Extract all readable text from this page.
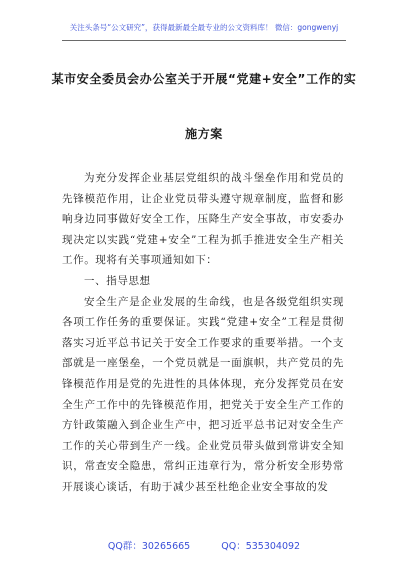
关注头条号“公文研究”，获得最新最全最专业的公文资料库！ 微信：gongwenyj
某市安全委员会办公室关于开展“党建+安全”工作的实
施方案

为充分发挥企业基层党组织的战斗堡垒作用和党员的先锋模范作用，让企业党员带头遵守规章制度，监督和影响身边同事做好安全工作，压降生产安全事故，市安委办现决定以实践“党建+安全”工程为抓手推进安全生产相关工作。现将有关事项通知如下：

一、指导思想

安全生产是企业发展的生命线，也是各级党组织实现各项工作任务的重要保证。实践“党建+安全”工程是贯彻落实习近平总书记关于安全工作要求的重要举措。一个支部就是一座堡垒，一个党员就是一面旗帜，共产党员的先锋模范作用是党的先进性的具体体现，充分发挥党员在安全生产工作中的先锋模范作用，把党关于安全生产工作的方针政策融入到企业生产中，把习近平总书记对安全生产工作的关心带到生产一线。企业党员带头做到常讲安全知识，常查安全隐患，常纠正违章行为，常分析安全形势常开展谈心谈话，有助于减少甚至杜绝企业安全事故的发

QQ群：30265665	QQ：535304092
